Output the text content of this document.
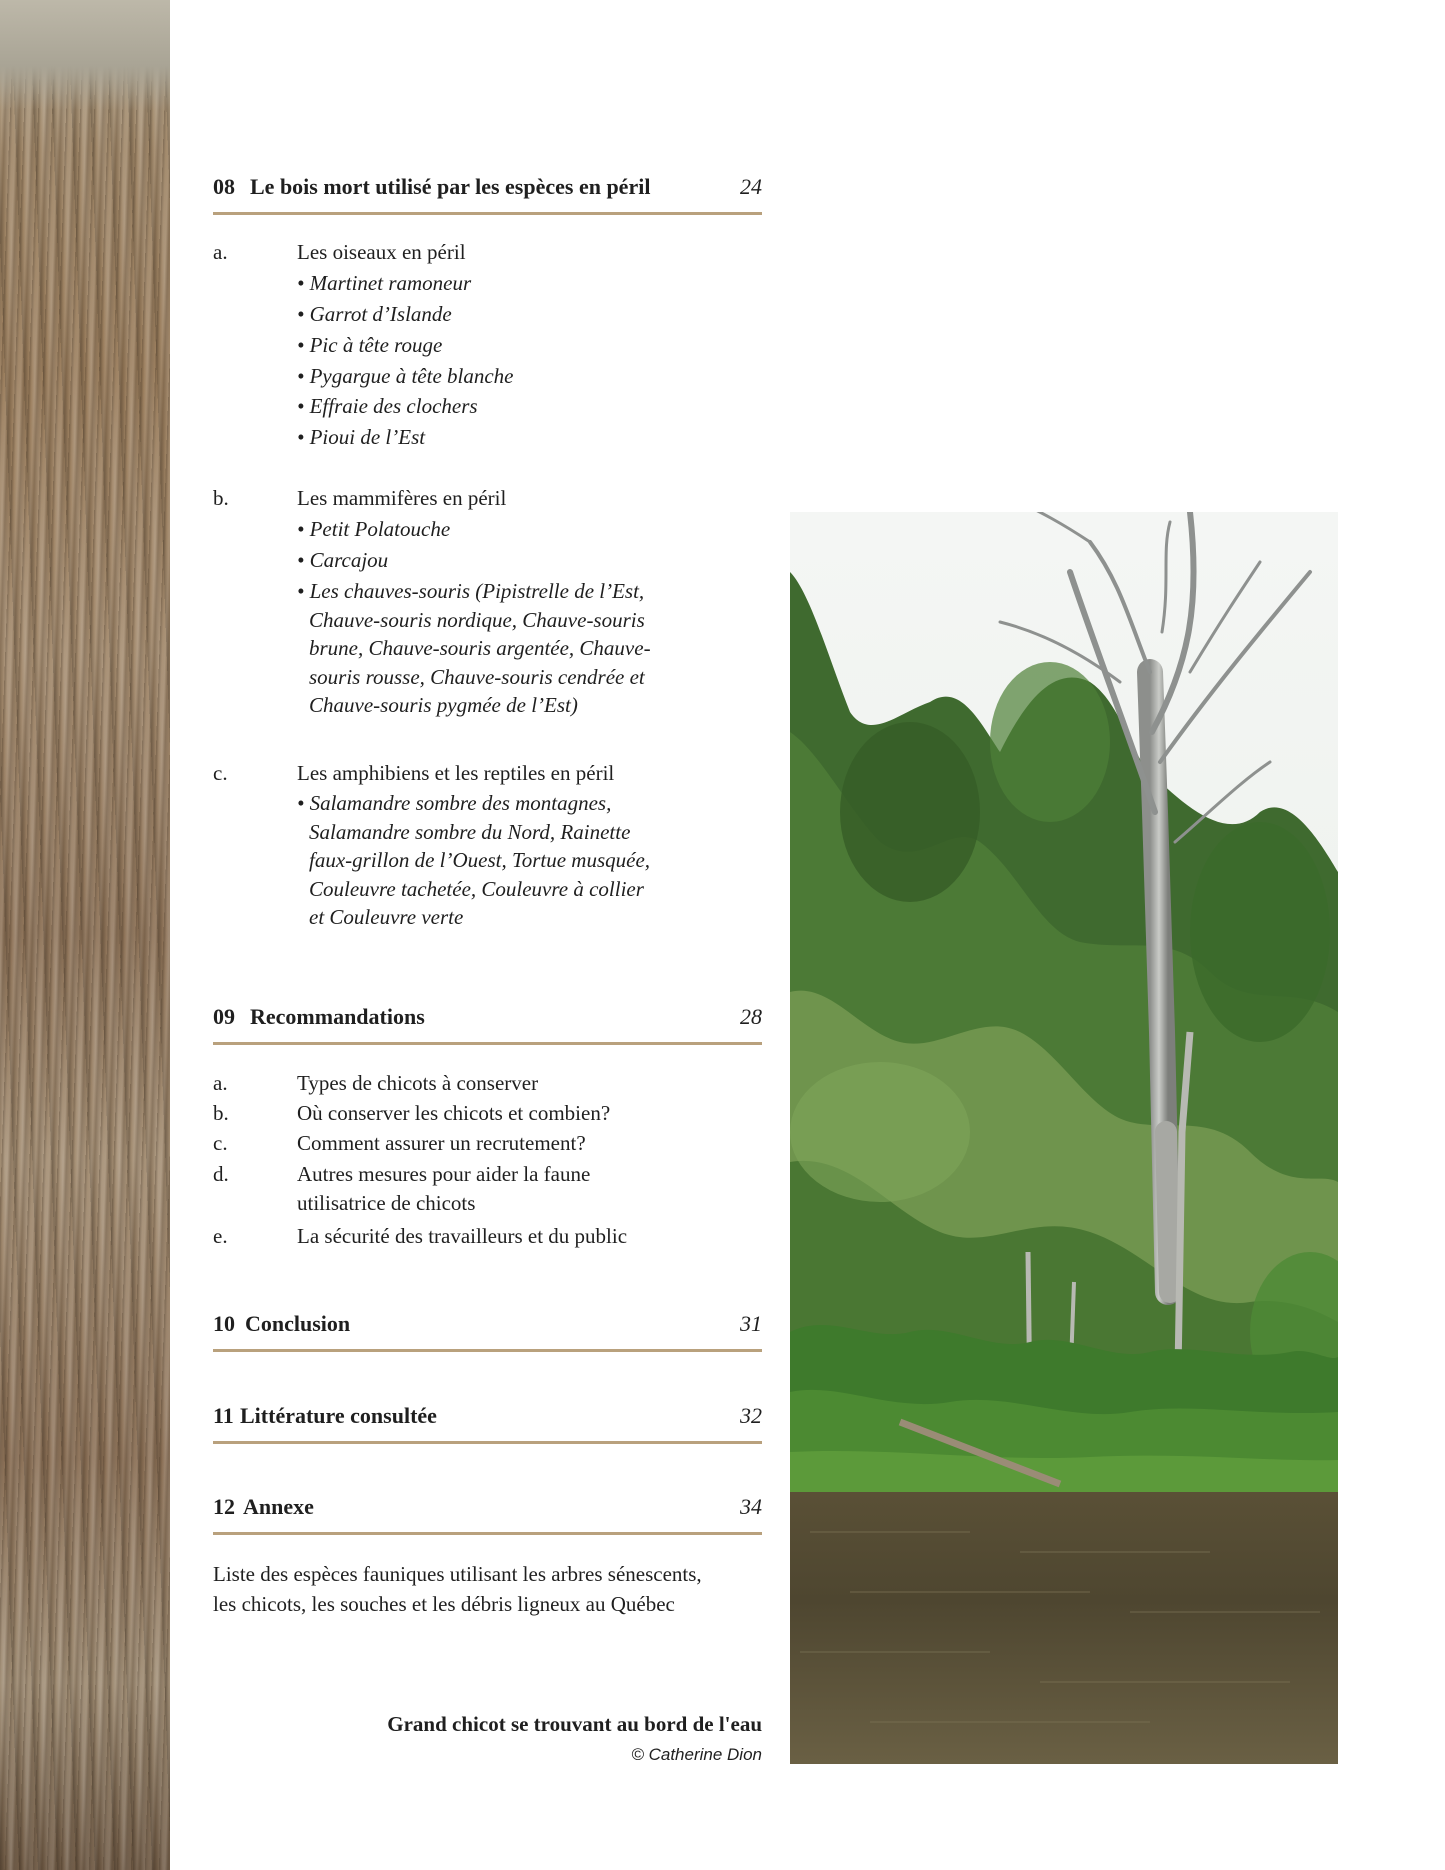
08 Le bois mort utilisé par les espèces en péril	24
a.	Les oiseaux en péril
• Martinet ramoneur
• Garrot d’Islande
• Pic à tête rouge
• Pygargue à tête blanche
• Effraie des clochers
• Pioui de l’Est
b.	Les mammifères en péril
• Petit Polatouche
• Carcajou
• Les chauves-souris (Pipistrelle de l’Est,
Chauve-souris nordique, Chauve-souris
brune, Chauve-souris argentée, Chauve-
souris rousse, Chauve-souris cendrée et
Chauve-souris pygmée de l’Est)
c.	Les amphibiens et les reptiles en péril
• Salamandre sombre des montagnes,
Salamandre sombre du Nord, Rainette
faux-grillon de l’Ouest, Tortue musquée,
Couleuvre tachetée, Couleuvre à collier
et Couleuvre verte
09 Recommandations	28
a.	Types de chicots à conserver
b.	Où conserver les chicots et combien?
c.	Comment assurer un recrutement?
d.	Autres mesures pour aider la faune
utilisatrice de chicots
e.	La sécurité des travailleurs et du public
10 Conclusion	31
11 Littérature consultée	32
12 Annexe	34
Liste des espèces fauniques utilisant les arbres sénescents,
les chicots, les souches et les débris ligneux au Québec
Grand chicot se trouvant au bord de l'eau
© Catherine Dion
